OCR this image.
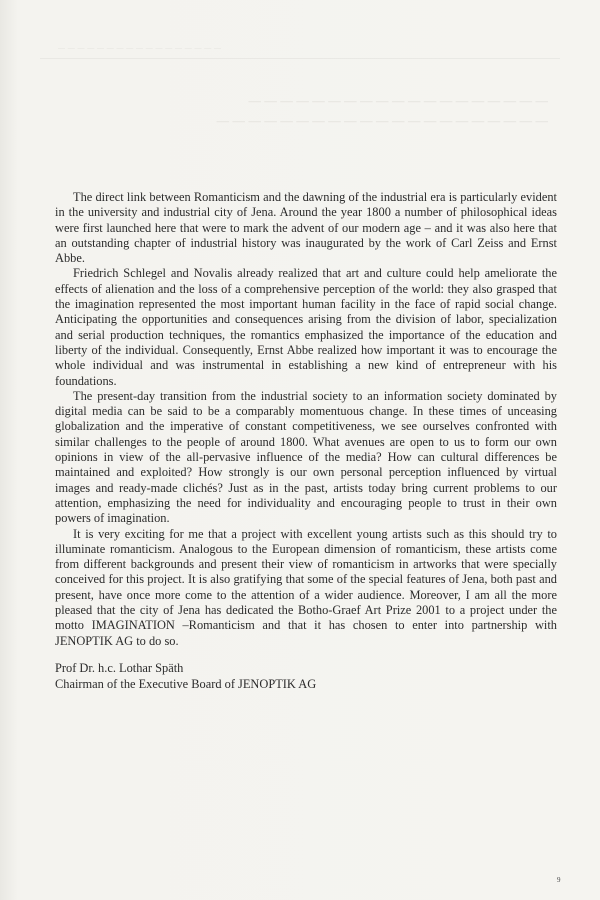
— — — — — — — — — — — — — — — — —
— — — — — — — — — — — — — — — — — — —
— — — — — — — — — — — — — — — — — — — — —

The direct link between Romanticism and the dawning of the industrial era is particularly evident in the university and industrial city of Jena. Around the year 1800 a number of philosophical ideas were first launched here that were to mark the advent of our modern age – and it was also here that an outstanding chapter of industrial history was inaugurated by the work of Carl Zeiss and Ernst Abbe.

Friedrich Schlegel and Novalis already realized that art and culture could help ameliorate the effects of alienation and the loss of a comprehensive perception of the world: they also grasped that the imagination represented the most important human facility in the face of rapid social change. Anticipating the opportunities and consequences arising from the division of labor, specialization and serial production techniques, the romantics emphasized the importance of the education and liberty of the individual. Consequently, Ernst Abbe realized how important it was to encourage the whole individual and was instrumental in establishing a new kind of entrepreneur with his foundations.

The present-day transition from the industrial society to an information society dominated by digital media can be said to be a comparably momentuous change. In these times of unceasing globalization and the imperative of constant competitiveness, we see ourselves confronted with similar challenges to the people of around 1800. What avenues are open to us to form our own opinions in view of the all-pervasive influence of the media? How can cultural differences be maintained and exploited? How strongly is our own personal perception influenced by virtual images and ready-made clichés? Just as in the past, artists today bring current problems to our attention, emphasizing the need for individuality and encouraging people to trust in their own powers of imagination.

It is very exciting for me that a project with excellent young artists such as this should try to illuminate romanticism. Analogous to the European dimension of romanticism, these artists come from different backgrounds and present their view of romanticism in artworks that were specially conceived for this project. It is also gratifying that some of the special features of Jena, both past and present, have once more come to the attention of a wider audience. Moreover, I am all the more pleased that the city of Jena has dedicated the Botho-Graef Art Prize 2001 to a project under the motto IMAGINATION –Romanticism and that it has chosen to enter into partnership with JENOPTIK AG to do so.

Prof Dr. h.c. Lothar Späth
Chairman of the Executive Board of JENOPTIK AG
9
